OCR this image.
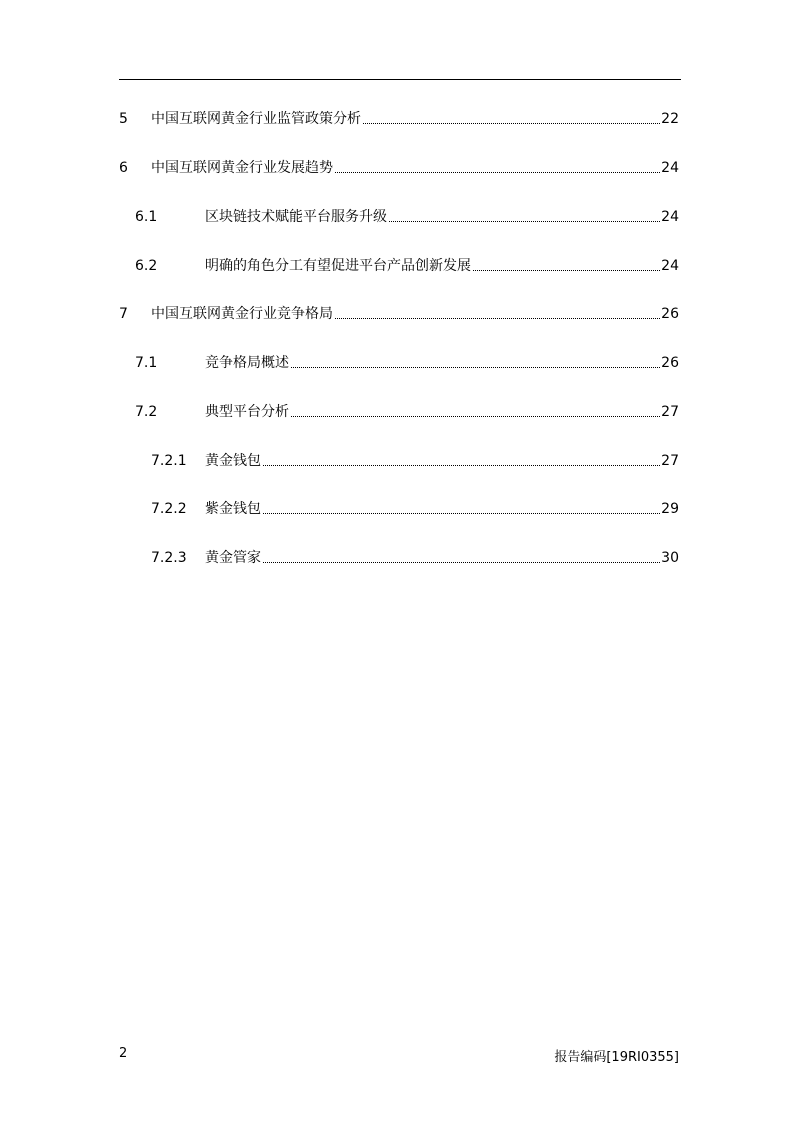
5	中国互联网黄金行业监管政策分析	22
6	中国互联网黄金行业发展趋势	24
6.1	区块链技术赋能平台服务升级	24
6.2	明确的角色分工有望促进平台产品创新发展	24
7	中国互联网黄金行业竞争格局	26
7.1	竞争格局概述	26
7.2	典型平台分析	27
7.2.1	黄金钱包	27
7.2.2	紫金钱包	29
7.2.3	黄金管家	30
2	报告编码[19RI0355]
